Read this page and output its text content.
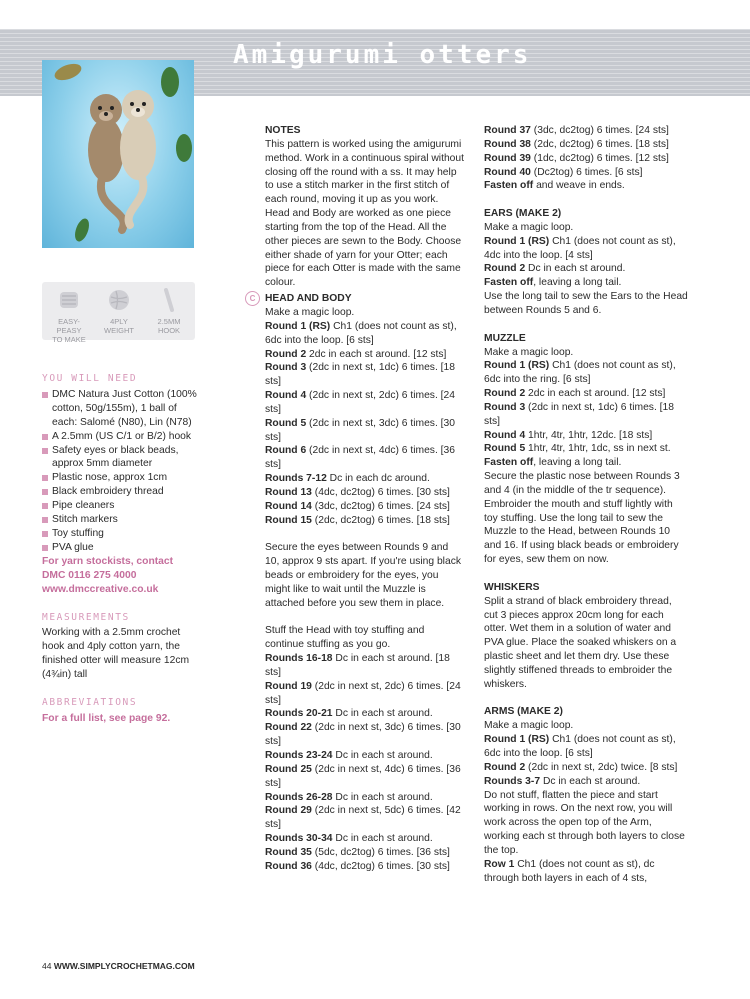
Amigurumi otters
EASY-PEASY
TO MAKE
4PLY
WEIGHT
2.5MM
HOOK
YOU WILL NEED
DMC Natura Just Cotton (100% cotton, 50g/155m), 1 ball of each: Salomé (N80), Lin (N78)
A 2.5mm (US C/1 or B/2) hook
Safety eyes or black beads, approx 5mm diameter
Plastic nose, approx 1cm
Black embroidery thread
Pipe cleaners
Stitch markers
Toy stuffing
PVA glue
For yarn stockists, contact
DMC 0116 275 4000
www.dmccreative.co.uk
MEASUREMENTS
Working with a 2.5mm crochet hook and 4ply cotton yarn, the finished otter will measure 12cm (4¾in) tall
ABBREVIATIONS
For a full list, see page 92.

NOTES

This pattern is worked using the amigurumi method. Work in a continuous spiral without closing off the round with a ss. It may help to use a stitch marker in the first stitch of each round, moving it up as you work. Head and Body are worked as one piece starting from the top of the Head. All the other pieces are sewn to the Body. Choose either shade of yarn for your Otter; each piece for each Otter is made with the same colour.

C HEAD AND BODY

Make a magic loop.

Round 1 (RS) Ch1 (does not count as st), 6dc into the loop. [6 sts]

Round 2 2dc in each st around. [12 sts]

Round 3 (2dc in next st, 1dc) 6 times. [18 sts]

Round 4 (2dc in next st, 2dc) 6 times. [24 sts]

Round 5 (2dc in next st, 3dc) 6 times. [30 sts]

Round 6 (2dc in next st, 4dc) 6 times. [36 sts]

Rounds 7-12 Dc in each dc around.

Round 13 (4dc, dc2tog) 6 times. [30 sts]

Round 14 (3dc, dc2tog) 6 times. [24 sts]

Round 15 (2dc, dc2tog) 6 times. [18 sts]

Secure the eyes between Rounds 9 and 10, approx 9 sts apart. If you're using black beads or embroidery for the eyes, you might like to wait until the Muzzle is attached before you sew them in place.

Stuff the Head with toy stuffing and continue stuffing as you go.

Rounds 16-18 Dc in each st around. [18 sts]

Round 19 (2dc in next st, 2dc) 6 times. [24 sts]

Rounds 20-21 Dc in each st around.

Round 22 (2dc in next st, 3dc) 6 times. [30 sts]

Rounds 23-24 Dc in each st around.

Round 25 (2dc in next st, 4dc) 6 times. [36 sts]

Rounds 26-28 Dc in each st around.

Round 29 (2dc in next st, 5dc) 6 times. [42 sts]

Rounds 30-34 Dc in each st around.

Round 35 (5dc, dc2tog) 6 times. [36 sts]

Round 36 (4dc, dc2tog) 6 times. [30 sts]

Round 37 (3dc, dc2tog) 6 times. [24 sts]

Round 38 (2dc, dc2tog) 6 times. [18 sts]

Round 39 (1dc, dc2tog) 6 times. [12 sts]

Round 40 (Dc2tog) 6 times. [6 sts]

Fasten off and weave in ends.

EARS (MAKE 2)

Make a magic loop.

Round 1 (RS) Ch1 (does not count as st), 4dc into the loop. [4 sts]

Round 2 Dc in each st around.

Fasten off, leaving a long tail.

Use the long tail to sew the Ears to the Head between Rounds 5 and 6.

MUZZLE

Make a magic loop.

Round 1 (RS) Ch1 (does not count as st), 6dc into the ring. [6 sts]

Round 2 2dc in each st around. [12 sts]

Round 3 (2dc in next st, 1dc) 6 times. [18 sts]

Round 4 1htr, 4tr, 1htr, 12dc. [18 sts]

Round 5 1htr, 4tr, 1htr, 1dc, ss in next st. Fasten off, leaving a long tail.

Secure the plastic nose between Rounds 3 and 4 (in the middle of the tr sequence). Embroider the mouth and stuff lightly with toy stuffing. Use the long tail to sew the Muzzle to the Head, between Rounds 10 and 16. If using black beads or embroidery for eyes, sew them on now.

WHISKERS

Split a strand of black embroidery thread, cut 3 pieces approx 20cm long for each otter. Wet them in a solution of water and PVA glue. Place the soaked whiskers on a plastic sheet and let them dry. Use these slightly stiffened threads to embroider the whiskers.

ARMS (MAKE 2)

Make a magic loop.

Round 1 (RS) Ch1 (does not count as st), 6dc into the loop. [6 sts]

Round 2 (2dc in next st, 2dc) twice. [8 sts]

Rounds 3-7 Dc in each st around.

Do not stuff, flatten the piece and start working in rows. On the next row, you will work across the open top of the Arm, working each st through both layers to close the top.

Row 1 Ch1 (does not count as st), dc through both layers in each of 4 sts,

44 WWW.SIMPLYCROCHETMAG.COM
